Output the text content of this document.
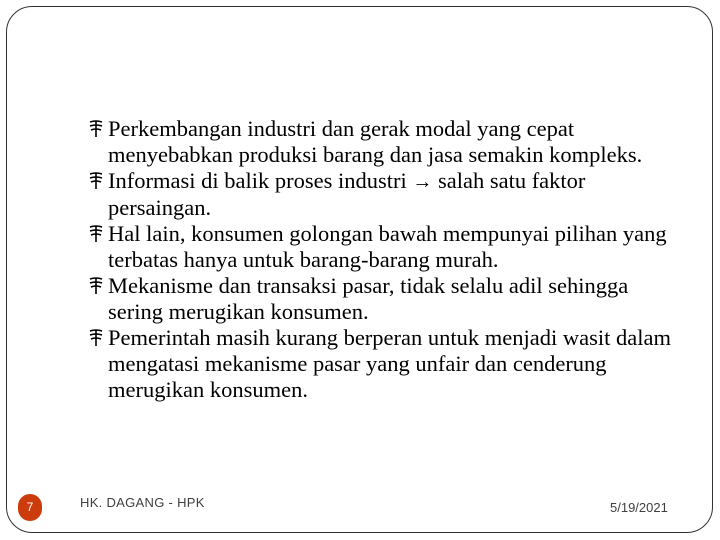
Perkembangan industri dan gerak modal yang cepat menyebabkan produksi barang dan jasa semakin kompleks.
Informasi di balik proses industri → salah satu faktor persaingan.
Hal lain, konsumen golongan bawah mempunyai pilihan yang terbatas hanya untuk barang-barang murah.
Mekanisme dan transaksi pasar, tidak selalu adil sehingga sering merugikan konsumen.
Pemerintah masih kurang berperan untuk menjadi wasit dalam mengatasi mekanisme pasar yang unfair dan cenderung merugikan konsumen.
7	HK. DAGANG - HPK	5/19/2021
